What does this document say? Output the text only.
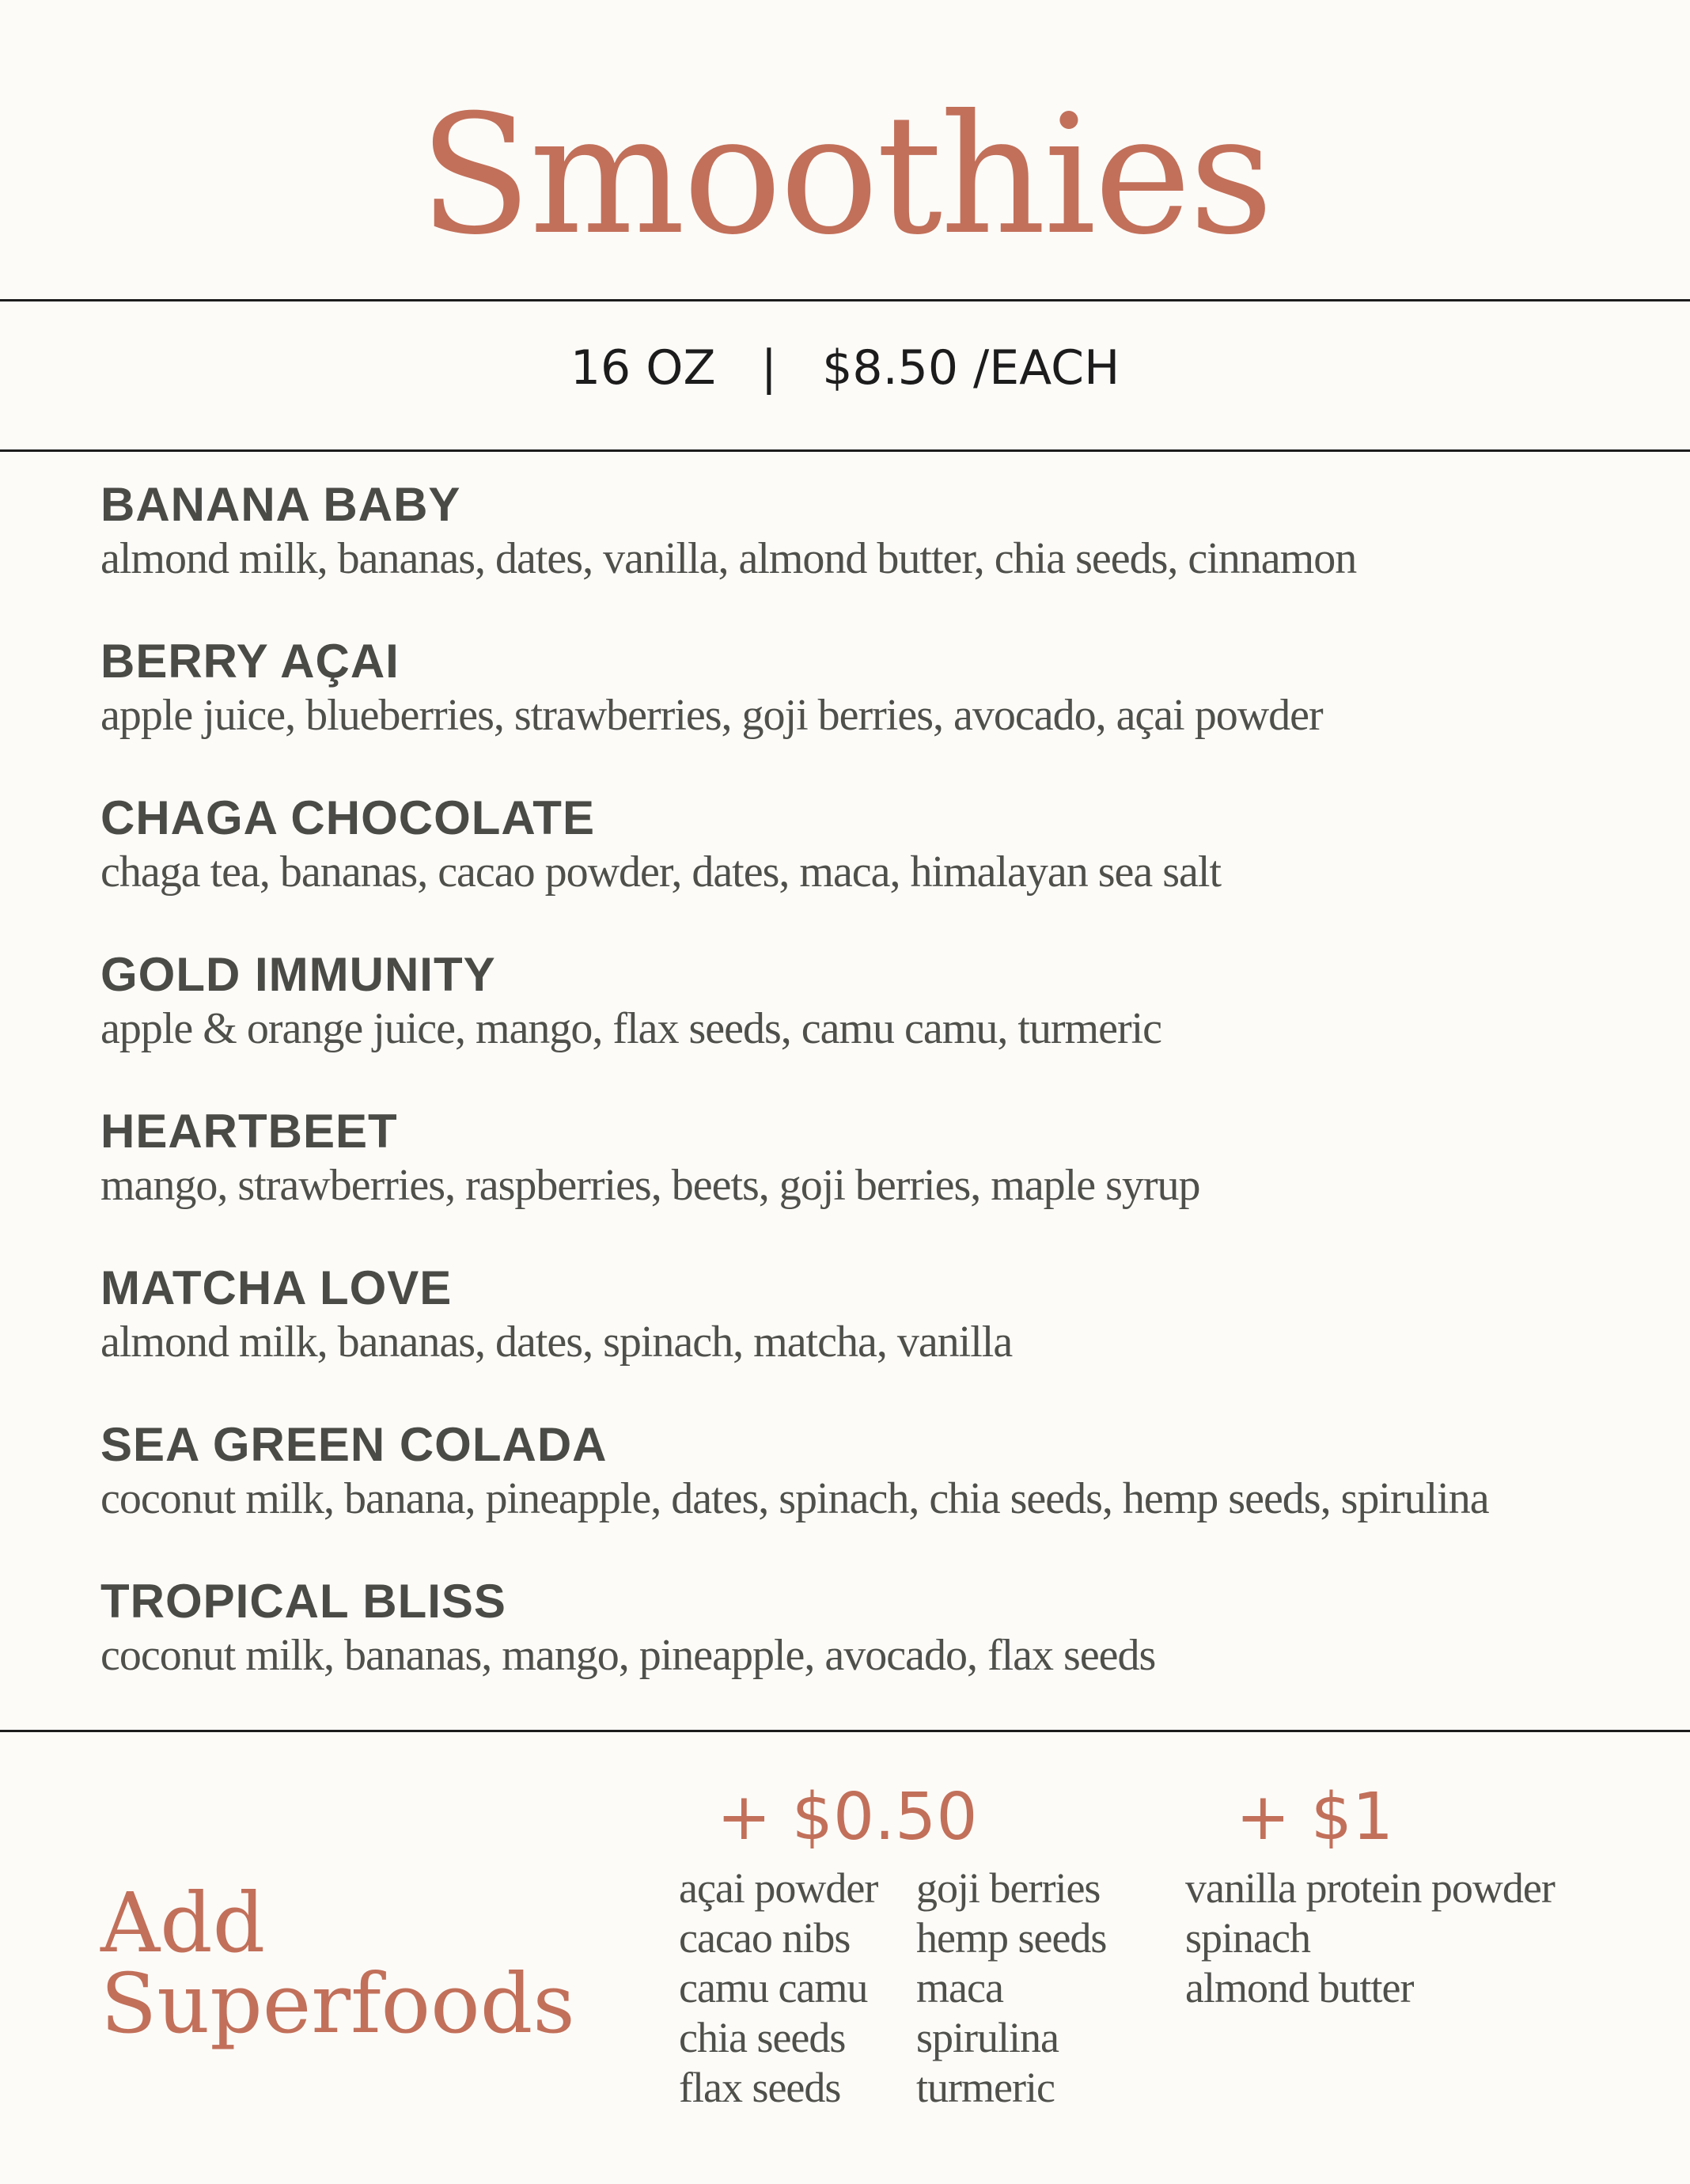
Smoothies
16 OZ | $8.50 /EACH
BANANA BABY
almond milk, bananas, dates, vanilla, almond butter, chia seeds, cinnamon
BERRY AÇAI
apple juice, blueberries, strawberries, goji berries, avocado, açai powder
CHAGA CHOCOLATE
chaga tea, bananas, cacao powder, dates, maca, himalayan sea salt
GOLD IMMUNITY
apple & orange juice, mango, flax seeds, camu camu, turmeric
HEARTBEET
mango, strawberries, raspberries, beets, goji berries, maple syrup
MATCHA LOVE
almond milk, bananas, dates, spinach, matcha, vanilla
SEA GREEN COLADA
coconut milk, banana, pineapple, dates, spinach, chia seeds, hemp seeds, spirulina
TROPICAL BLISS
coconut milk, bananas, mango, pineapple, avocado, flax seeds
Add
Superfoods
+ $0.50	+ $1
açai powder
cacao nibs
camu camu
chia seeds
flax seeds
goji berries
hemp seeds
maca
spirulina
turmeric
vanilla protein powder
spinach
almond butter
